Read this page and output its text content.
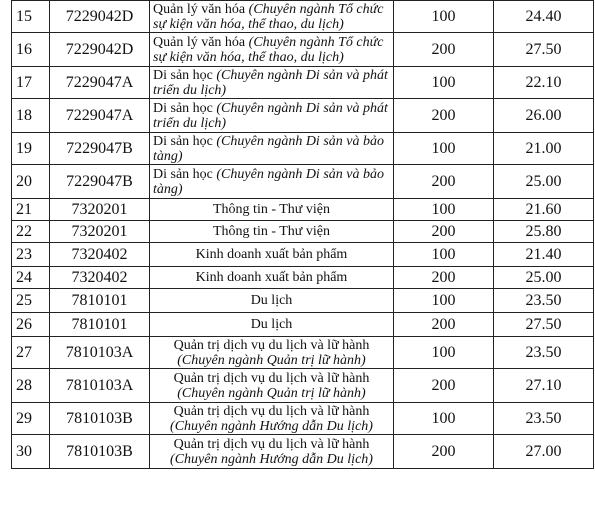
15	7229042D	Quản lý văn hóa (Chuyên ngành Tổ chức sự kiện văn hóa, thể thao, du lịch)	100	24.40
16	7229042D	Quản lý văn hóa (Chuyên ngành Tổ chức sự kiện văn hóa, thể thao, du lịch)	200	27.50
17	7229047A	Di sản học (Chuyên ngành Di sản và phát triển du lịch)	100	22.10
18	7229047A	Di sản học (Chuyên ngành Di sản và phát triển du lịch)	200	26.00
19	7229047B	Di sản học (Chuyên ngành Di sản và bảo tàng)	100	21.00
20	7229047B	Di sản học (Chuyên ngành Di sản và bảo tàng)	200	25.00
21	7320201	Thông tin - Thư viện	100	21.60
22	7320201	Thông tin - Thư viện	200	25.80
23	7320402	Kinh doanh xuất bản phẩm	100	21.40
24	7320402	Kinh doanh xuất bản phẩm	200	25.00
25	7810101	Du lịch	100	23.50
26	7810101	Du lịch	200	27.50
27	7810103A	Quản trị dịch vụ du lịch và lữ hành
(Chuyên ngành Quản trị lữ hành)	100	23.50
28	7810103A	Quản trị dịch vụ du lịch và lữ hành
(Chuyên ngành Quản trị lữ hành)	200	27.10
29	7810103B	Quản trị dịch vụ du lịch và lữ hành
(Chuyên ngành Hướng dẫn Du lịch)	100	23.50
30	7810103B	Quản trị dịch vụ du lịch và lữ hành
(Chuyên ngành Hướng dẫn Du lịch)	200	27.00
